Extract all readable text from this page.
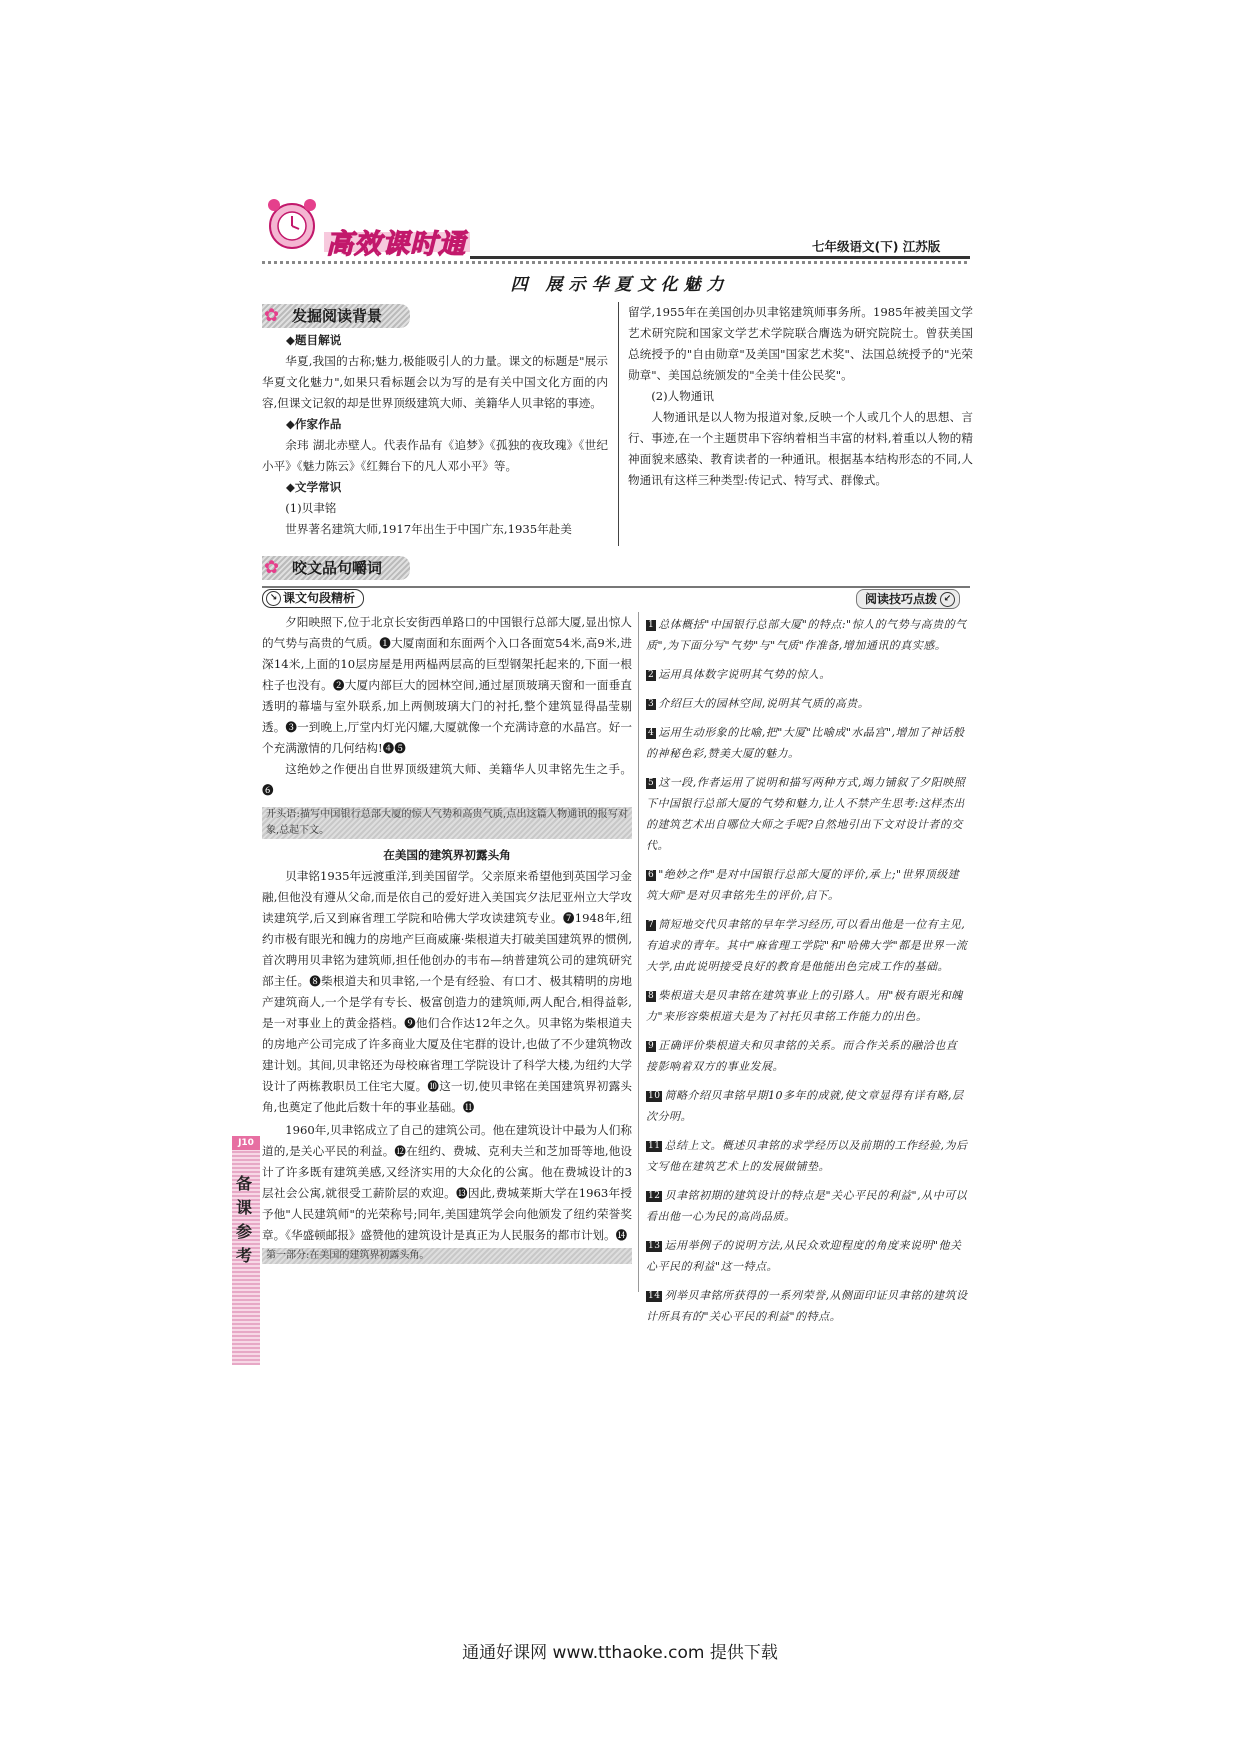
高效课时通	七年级语文(下) 江苏版
四 展示华夏文化魅力
✿ 发掘阅读背景
◆题目解说

华夏,我国的古称;魅力,极能吸引人的力量。课文的标题是"展示华夏文化魅力",如果只看标题会以为写的是有关中国文化方面的内容,但课文记叙的却是世界顶级建筑大师、美籍华人贝聿铭的事迹。

◆作家作品

余玮 湖北赤壁人。代表作品有《追梦》《孤独的夜玫瑰》《世纪小平》《魅力陈云》《红舞台下的凡人邓小平》等。

◆文学常识

(1)贝聿铭

世界著名建筑大师,1917年出生于中国广东,1935年赴美

留学,1955年在美国创办贝聿铭建筑师事务所。1985年被美国文学艺术研究院和国家文学艺术学院联合膺选为研究院院士。曾获美国总统授予的"自由勋章"及美国"国家艺术奖"、法国总统授予的"光荣勋章"、美国总统颁发的"全美十佳公民奖"。

(2)人物通讯

人物通讯是以人物为报道对象,反映一个人或几个人的思想、言行、事迹,在一个主题贯串下容纳着相当丰富的材料,着重以人物的精神面貌来感染、教育读者的一种通讯。根据基本结构形态的不同,人物通讯有这样三种类型:传记式、特写式、群像式。

✿ 咬文品句嚼词
↘ 课文句段精析	阅读技巧点拨 ↙

夕阳映照下,位于北京长安街西单路口的中国银行总部大厦,显出惊人的气势与高贵的气质。❶大厦南面和东面两个入口各面宽54米,高9米,进深14米,上面的10层房屋是用两榀两层高的巨型钢架托起来的,下面一根柱子也没有。❷大厦内部巨大的园林空间,通过屋顶玻璃天窗和一面垂直透明的幕墙与室外联系,加上两侧玻璃大门的衬托,整个建筑显得晶莹剔透。❸一到晚上,厅堂内灯光闪耀,大厦就像一个充满诗意的水晶宫。好一个充满激情的几何结构!❹❺

这绝妙之作便出自世界顶级建筑大师、美籍华人贝聿铭先生之手。❻

开头语:描写中国银行总部大厦的惊人气势和高贵气质,点出这篇人物通讯的报写对象,总起下文。
在美国的建筑界初露头角

贝聿铭1935年远渡重洋,到美国留学。父亲原来希望他到英国学习金融,但他没有遵从父命,而是依自己的爱好进入美国宾夕法尼亚州立大学攻读建筑学,后又到麻省理工学院和哈佛大学攻读建筑专业。❼1948年,纽约市极有眼光和魄力的房地产巨商威廉·柴根道夫打破美国建筑界的惯例,首次聘用贝聿铭为建筑师,担任他创办的韦布—纳普建筑公司的建筑研究部主任。❽柴根道夫和贝聿铭,一个是有经验、有口才、极其精明的房地产建筑商人,一个是学有专长、极富创造力的建筑师,两人配合,相得益彰,是一对事业上的黄金搭档。❾他们合作达12年之久。贝聿铭为柴根道夫的房地产公司完成了许多商业大厦及住宅群的设计,也做了不少建筑物改建计划。其间,贝聿铭还为母校麻省理工学院设计了科学大楼,为纽约大学设计了两栋教职员工住宅大厦。❿这一切,使贝聿铭在美国建筑界初露头角,也奠定了他此后数十年的事业基础。⓫

1960年,贝聿铭成立了自己的建筑公司。他在建筑设计中最为人们称道的,是关心平民的利益。⓬在纽约、费城、克利夫兰和芝加哥等地,他设计了许多既有建筑美感,又经济实用的大众化的公寓。他在费城设计的3层社会公寓,就很受工薪阶层的欢迎。⓭因此,费城莱斯大学在1963年授予他"人民建筑师"的光荣称号;同年,美国建筑学会向他颁发了纽约荣誉奖章。《华盛顿邮报》盛赞他的建筑设计是真正为人民服务的都市计划。⓮

第一部分:在美国的建筑界初露头角。

1 总体概括"中国银行总部大厦"的特点:"惊人的气势与高贵的气质",为下面分写"气势"与"气质"作准备,增加通讯的真实感。

2 运用具体数字说明其气势的惊人。

3 介绍巨大的园林空间,说明其气质的高贵。

4 运用生动形象的比喻,把"大厦"比喻成"水晶宫",增加了神话般的神秘色彩,赞美大厦的魅力。

5 这一段,作者运用了说明和描写两种方式,竭力铺叙了夕阳映照下中国银行总部大厦的气势和魅力,让人不禁产生思考:这样杰出的建筑艺术出自哪位大师之手呢?自然地引出下文对设计者的交代。

6 "绝妙之作"是对中国银行总部大厦的评价,承上;"世界顶级建筑大师"是对贝聿铭先生的评价,启下。

7 简短地交代贝聿铭的早年学习经历,可以看出他是一位有主见,有追求的青年。其中"麻省理工学院"和"哈佛大学"都是世界一流大学,由此说明接受良好的教育是他能出色完成工作的基础。

8 柴根道夫是贝聿铭在建筑事业上的引路人。用"极有眼光和魄力"来形容柴根道夫是为了衬托贝聿铭工作能力的出色。

9 正确评价柴根道夫和贝聿铭的关系。而合作关系的融洽也直接影响着双方的事业发展。

10 简略介绍贝聿铭早期10多年的成就,使文章显得有详有略,层次分明。

11 总结上文。概述贝聿铭的求学经历以及前期的工作经验,为后文写他在建筑艺术上的发展做铺垫。

12 贝聿铭初期的建筑设计的特点是"关心平民的利益",从中可以看出他一心为民的高尚品质。

13 运用举例子的说明方法,从民众欢迎程度的角度来说明"他关心平民的利益"这一特点。

14 列举贝聿铭所获得的一系列荣誉,从侧面印证贝聿铭的建筑设计所具有的"关心平民的利益"的特点。

J10
备课参考
通通好课网 www.tthaoke.com 提供下载
